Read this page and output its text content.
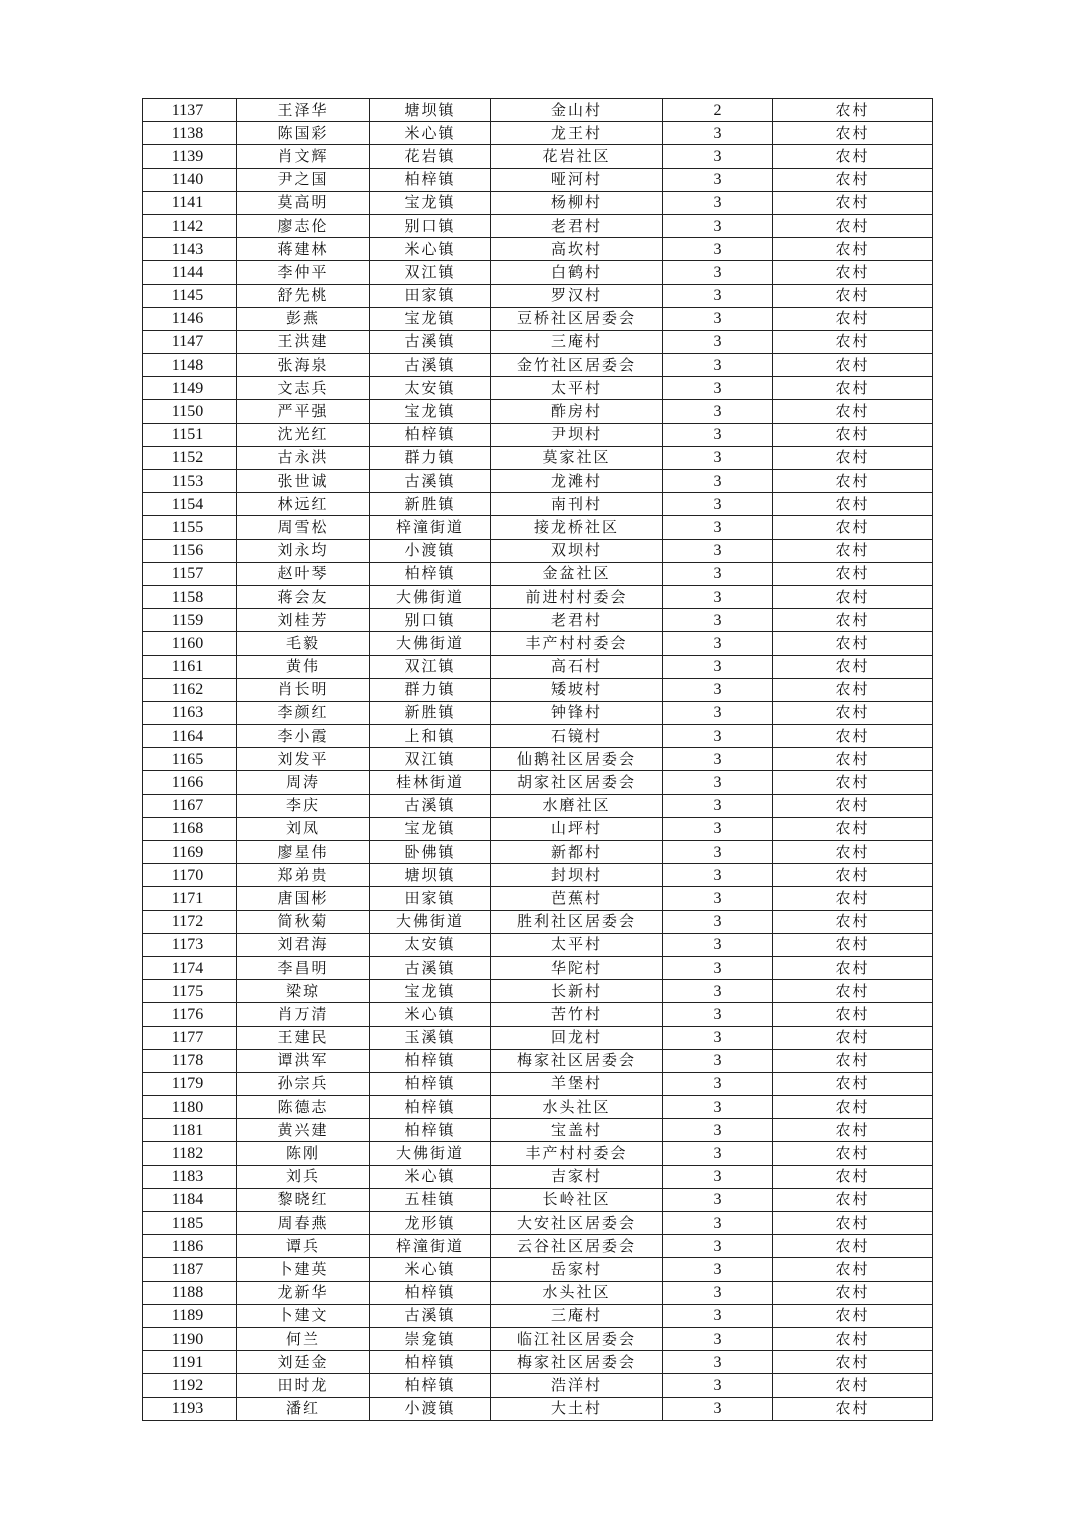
1137	王泽华	塘坝镇	金山村	2	农村
1138	陈国彩	米心镇	龙王村	3	农村
1139	肖文辉	花岩镇	花岩社区	3	农村
1140	尹之国	柏梓镇	哑河村	3	农村
1141	莫高明	宝龙镇	杨柳村	3	农村
1142	廖志伦	别口镇	老君村	3	农村
1143	蒋建林	米心镇	高坎村	3	农村
1144	李仲平	双江镇	白鹤村	3	农村
1145	舒先桃	田家镇	罗汉村	3	农村
1146	彭燕	宝龙镇	豆桥社区居委会	3	农村
1147	王洪建	古溪镇	三庵村	3	农村
1148	张海泉	古溪镇	金竹社区居委会	3	农村
1149	文志兵	太安镇	太平村	3	农村
1150	严平强	宝龙镇	酢房村	3	农村
1151	沈光红	柏梓镇	尹坝村	3	农村
1152	古永洪	群力镇	莫家社区	3	农村
1153	张世诚	古溪镇	龙滩村	3	农村
1154	林远红	新胜镇	南刊村	3	农村
1155	周雪松	梓潼街道	接龙桥社区	3	农村
1156	刘永均	小渡镇	双坝村	3	农村
1157	赵叶琴	柏梓镇	金盆社区	3	农村
1158	蒋会友	大佛街道	前进村村委会	3	农村
1159	刘桂芳	别口镇	老君村	3	农村
1160	毛毅	大佛街道	丰产村村委会	3	农村
1161	黄伟	双江镇	高石村	3	农村
1162	肖长明	群力镇	矮坡村	3	农村
1163	李颜红	新胜镇	钟锋村	3	农村
1164	李小霞	上和镇	石镜村	3	农村
1165	刘发平	双江镇	仙鹅社区居委会	3	农村
1166	周涛	桂林街道	胡家社区居委会	3	农村
1167	李庆	古溪镇	水磨社区	3	农村
1168	刘凤	宝龙镇	山坪村	3	农村
1169	廖星伟	卧佛镇	新都村	3	农村
1170	郑弟贵	塘坝镇	封坝村	3	农村
1171	唐国彬	田家镇	芭蕉村	3	农村
1172	简秋菊	大佛街道	胜利社区居委会	3	农村
1173	刘君海	太安镇	太平村	3	农村
1174	李昌明	古溪镇	华陀村	3	农村
1175	梁琼	宝龙镇	长新村	3	农村
1176	肖万清	米心镇	苦竹村	3	农村
1177	王建民	玉溪镇	回龙村	3	农村
1178	谭洪军	柏梓镇	梅家社区居委会	3	农村
1179	孙宗兵	柏梓镇	羊堡村	3	农村
1180	陈德志	柏梓镇	水头社区	3	农村
1181	黄兴建	柏梓镇	宝盖村	3	农村
1182	陈刚	大佛街道	丰产村村委会	3	农村
1183	刘兵	米心镇	吉家村	3	农村
1184	黎晓红	五桂镇	长岭社区	3	农村
1185	周春燕	龙形镇	大安社区居委会	3	农村
1186	谭兵	梓潼街道	云谷社区居委会	3	农村
1187	卜建英	米心镇	岳家村	3	农村
1188	龙新华	柏梓镇	水头社区	3	农村
1189	卜建文	古溪镇	三庵村	3	农村
1190	何兰	崇龛镇	临江社区居委会	3	农村
1191	刘廷金	柏梓镇	梅家社区居委会	3	农村
1192	田时龙	柏梓镇	浩洋村	3	农村
1193	潘红	小渡镇	大土村	3	农村
